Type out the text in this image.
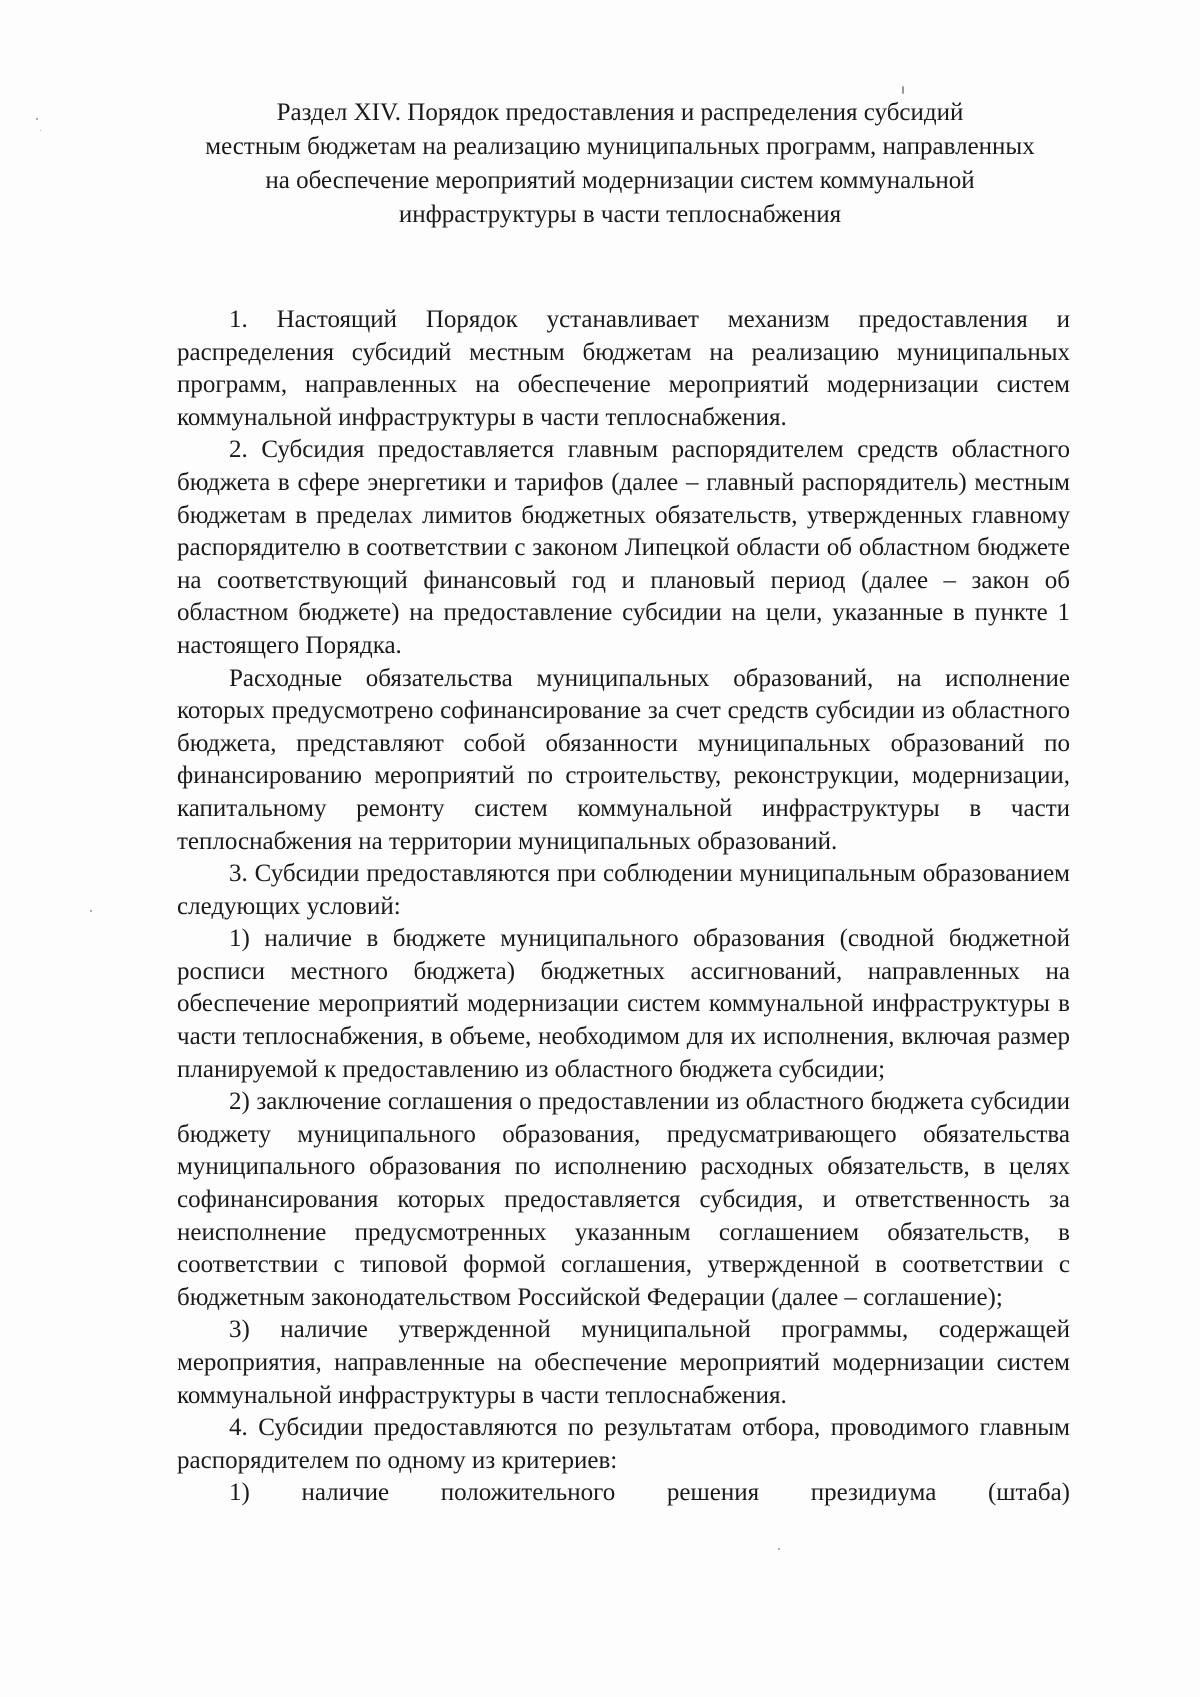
Раздел XIV. Порядок предоставления и распределения субсидий
местным бюджетам на реализацию муниципальных программ, направленных
на обеспечение мероприятий модернизации систем коммунальной
инфраструктуры в части теплоснабжения

1. Настоящий Порядок устанавливает механизм предоставления и распределения субсидий местным бюджетам на реализацию муниципальных программ, направленных на обеспечение мероприятий модернизации систем коммунальной инфраструктуры в части теплоснабжения.

2. Субсидия предоставляется главным распорядителем средств областного бюджета в сфере энергетики и тарифов (далее – главный распорядитель) местным бюджетам в пределах лимитов бюджетных обязательств, утвержденных главному распорядителю в соответствии с законом Липецкой области об областном бюджете на соответствующий финансовый год и плановый период (далее – закон об областном бюджете) на предоставление субсидии на цели, указанные в пункте 1 настоящего Порядка.

Расходные обязательства муниципальных образований, на исполнение которых предусмотрено софинансирование за счет средств субсидии из областного бюджета, представляют собой обязанности муниципальных образований по финансированию мероприятий по строительству, реконструкции, модернизации, капитальному ремонту систем коммунальной инфраструктуры в части теплоснабжения на территории муниципальных образований.

3. Субсидии предоставляются при соблюдении муниципальным образованием следующих условий:

1) наличие в бюджете муниципального образования (сводной бюджетной росписи местного бюджета) бюджетных ассигнований, направленных на обеспечение мероприятий модернизации систем коммунальной инфраструктуры в части теплоснабжения, в объеме, необходимом для их исполнения, включая размер планируемой к предоставлению из областного бюджета субсидии;

2) заключение соглашения о предоставлении из областного бюджета субсидии бюджету муниципального образования, предусматривающего обязательства муниципального образования по исполнению расходных обязательств, в целях софинансирования которых предоставляется субсидия, и ответственность за неисполнение предусмотренных указанным соглашением обязательств, в соответствии с типовой формой соглашения, утвержденной в соответствии с бюджетным законодательством Российской Федерации (далее – соглашение);

3) наличие утвержденной муниципальной программы, содержащей мероприятия, направленные на обеспечение мероприятий модернизации систем коммунальной инфраструктуры в части теплоснабжения.

4. Субсидии предоставляются по результатам отбора, проводимого главным распорядителем по одному из критериев:

1) наличие положительного решения президиума (штаба)
